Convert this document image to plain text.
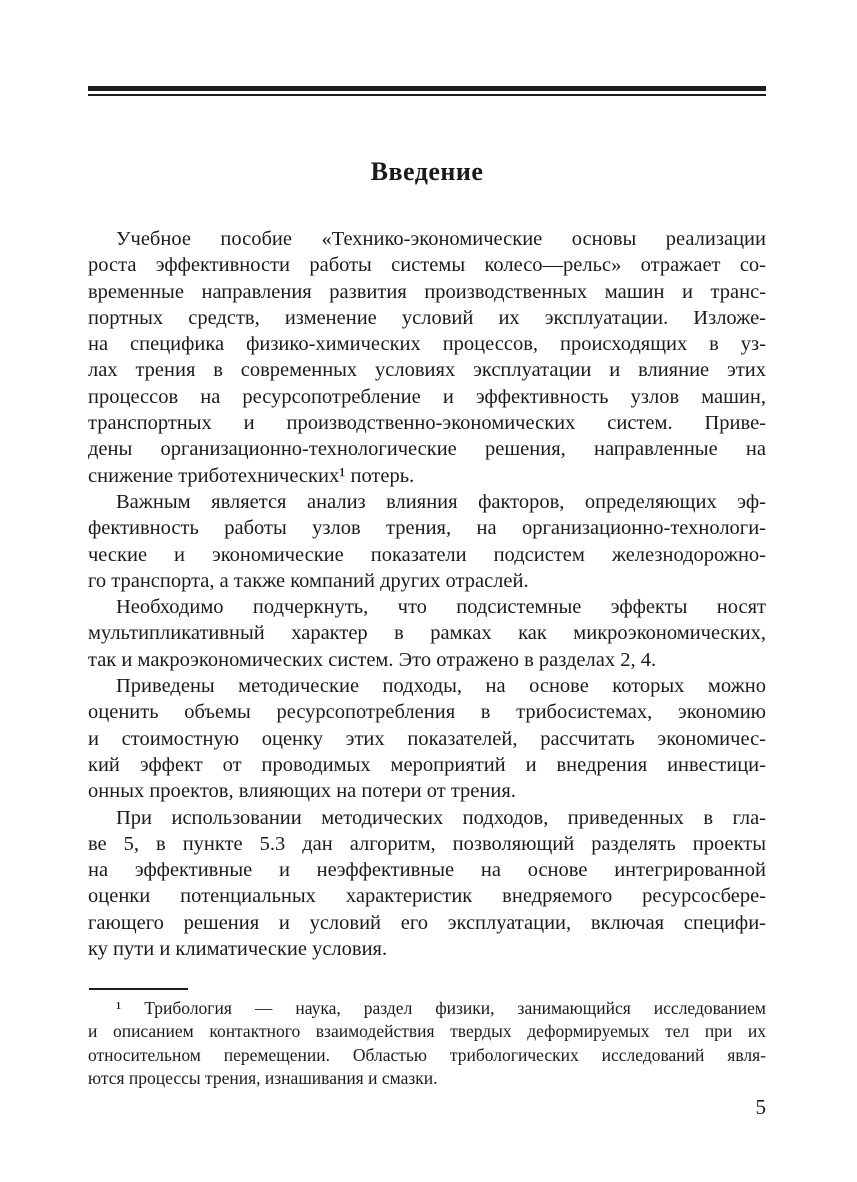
Введение
Учебное пособие «Технико-экономические основы реализации
роста эффективности работы системы колесо—рельс» отражает со-
временные направления развития производственных машин и транс-
портных средств, изменение условий их эксплуатации. Изложе-
на специфика физико-химических процессов, происходящих в уз-
лах трения в современных условиях эксплуатации и влияние этих
процессов на ресурсопотребление и эффективность узлов машин,
транспортных и производственно-экономических систем. Приве-
дены организационно-технологические решения, направленные на
снижение триботехнических¹ потерь.
Важным является анализ влияния факторов, определяющих эф-
фективность работы узлов трения, на организационно-технологи-
ческие и экономические показатели подсистем железнодорожно-
го транспорта, а также компаний других отраслей.
Необходимо подчеркнуть, что подсистемные эффекты носят
мультипликативный характер в рамках как микроэкономических,
так и макроэкономических систем. Это отражено в разделах 2, 4.
Приведены методические подходы, на основе которых можно
оценить объемы ресурсопотребления в трибосистемах, экономию
и стоимостную оценку этих показателей, рассчитать экономичес-
кий эффект от проводимых мероприятий и внедрения инвестици-
онных проектов, влияющих на потери от трения.
При использовании методических подходов, приведенных в гла-
ве 5, в пункте 5.3 дан алгоритм, позволяющий разделять проекты
на эффективные и неэффективные на основе интегрированной
оценки потенциальных характеристик внедряемого ресурсосбере-
гающего решения и условий его эксплуатации, включая специфи-
ку пути и климатические условия.
¹ Трибология — наука, раздел физики, занимающийся исследованием
и описанием контактного взаимодействия твердых деформируемых тел при их
относительном перемещении. Областью трибологических исследований явля-
ются процессы трения, изнашивания и смазки.
5
